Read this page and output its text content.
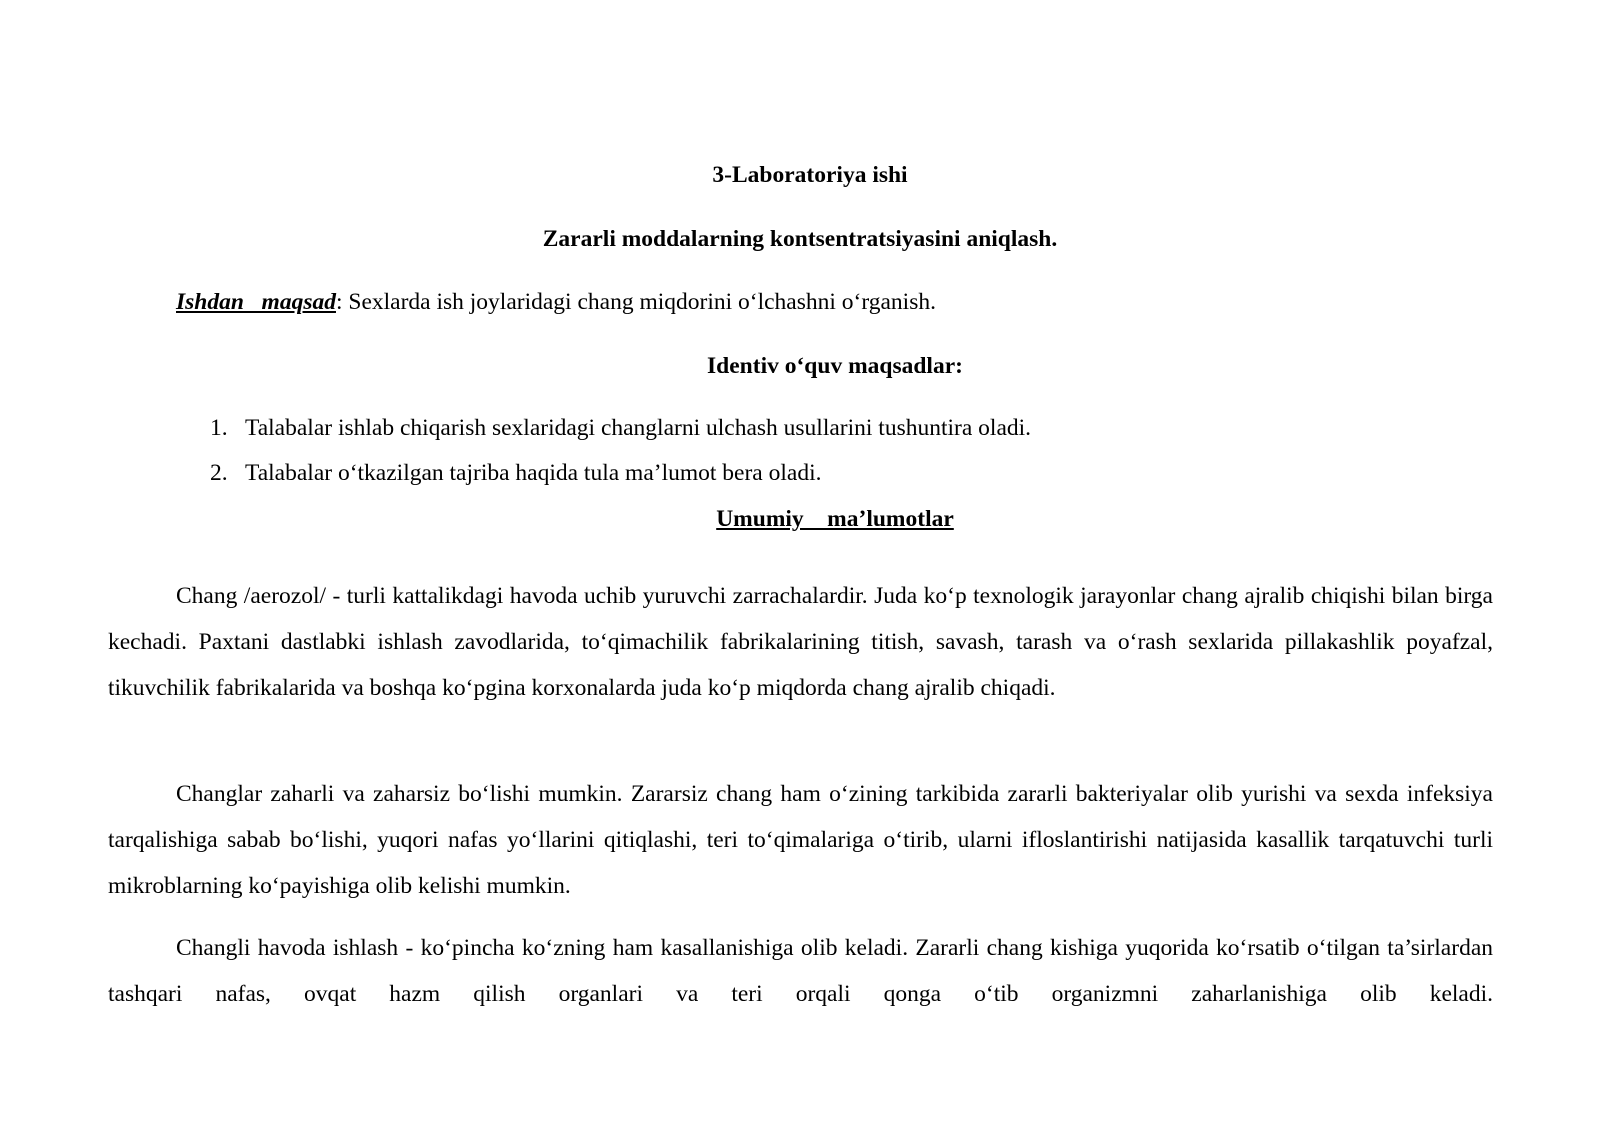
3-Laboratoriya ishi
Zararli moddalarning kontsentratsiyasini aniqlash.
Ishdan   maqsad: Sexlarda ish joylaridagi chang miqdorini o‘lchashni o‘rganish.
Identiv o‘quv maqsadlar:
1. Talabalar ishlab chiqarish sexlaridagi changlarni ulchash usullarini tushuntira oladi.
2. Talabalar o‘tkazilgan tajriba haqida tula ma’lumot bera oladi.
Umumiy    ma’lumotlar
Chang /aerozol/ - turli kattalikdagi havoda uchib yuruvchi zarrachalardir. Juda ko‘p texnologik jarayonlar chang ajralib chiqishi bilan birga kechadi. Paxtani dastlabki ishlash zavodlarida, to‘qimachilik fabrikalarining titish, savash, tarash va o‘rash sexlarida pillakashlik poyafzal, tikuvchilik fabrikalarida va boshqa ko‘pgina korxonalarda juda ko‘p miqdorda chang ajralib chiqadi.
Changlar zaharli va zaharsiz bo‘lishi mumkin. Zararsiz chang ham o‘zining tarkibida zararli bakteriyalar olib yurishi va sexda infeksiya tarqalishiga sabab bo‘lishi, yuqori nafas yo‘llarini qitiqlashi, teri to‘qimalariga o‘tirib, ularni ifloslantirishi natijasida kasallik tarqatuvchi turli mikroblarning ko‘payishiga olib kelishi mumkin.
Changli havoda ishlash - ko‘pincha ko‘zning ham kasallanishiga olib keladi. Zararli chang kishiga yuqorida ko‘rsatib o‘tilgan ta’sirlardan tashqari nafas, ovqat hazm qilish organlari va teri orqali qonga o‘tib organizmni zaharlanishiga olib keladi.
